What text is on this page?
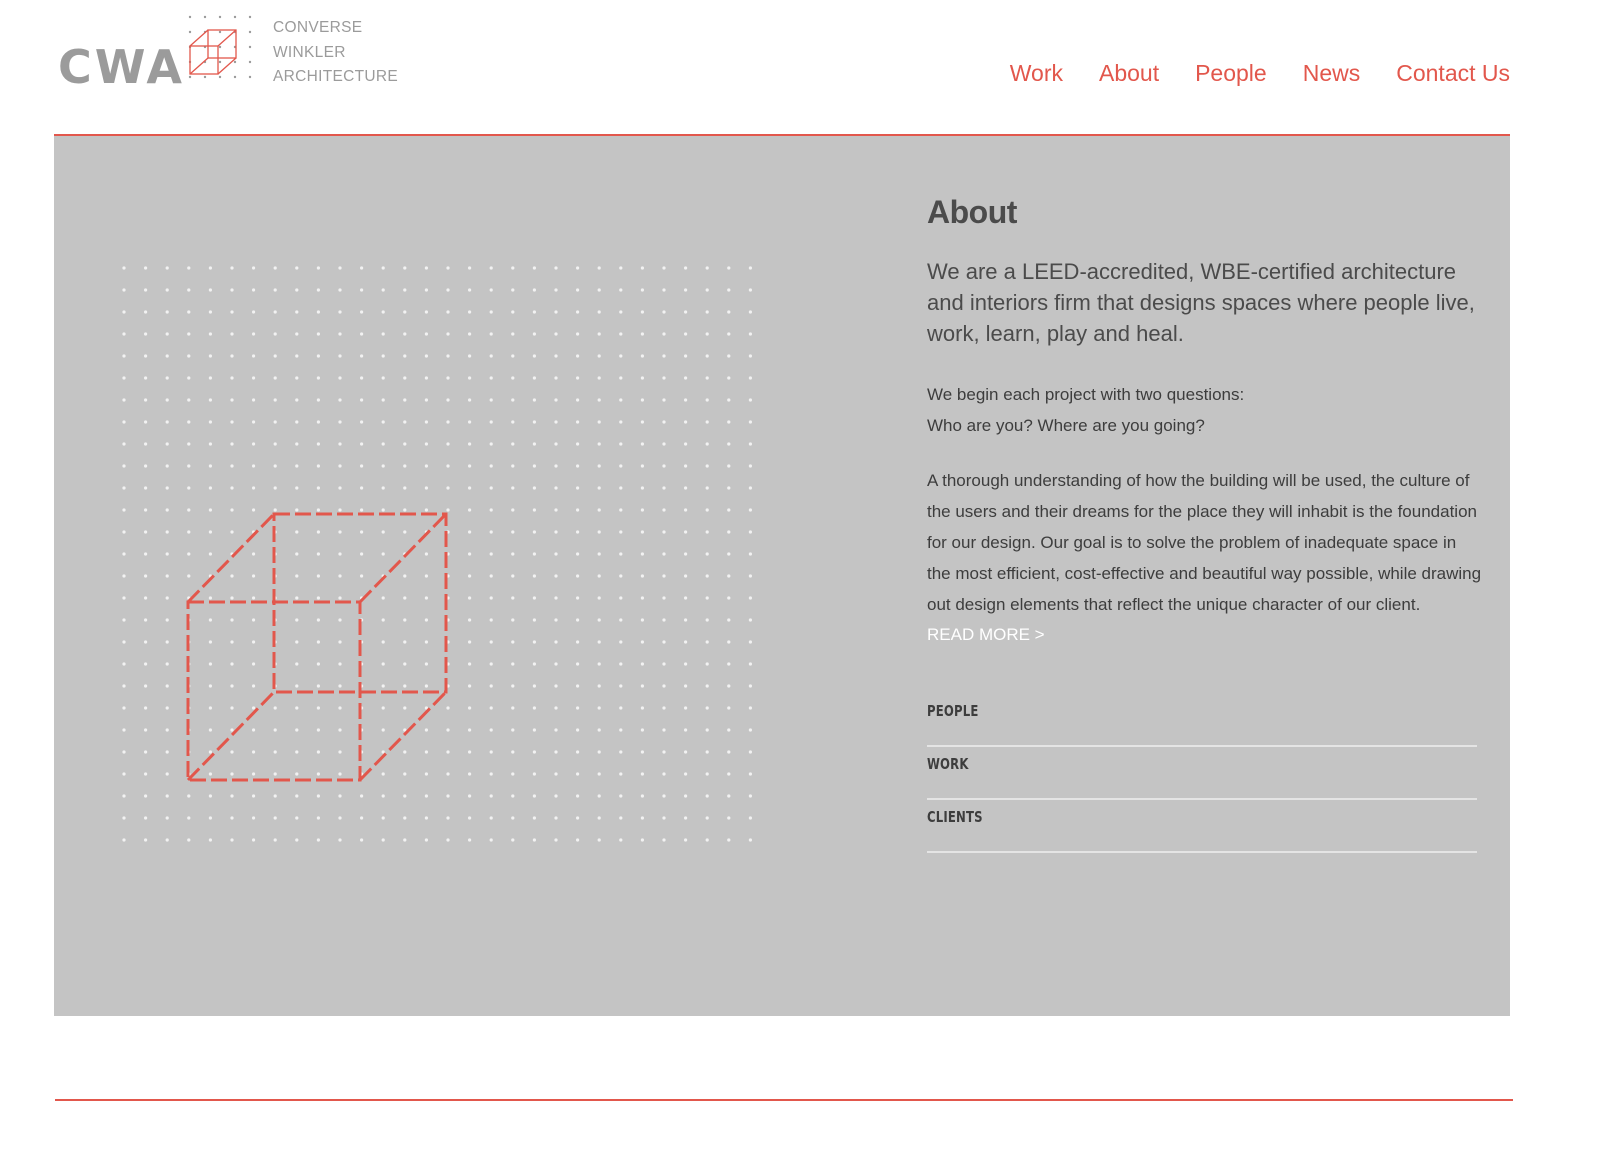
CWA
CONVERSE
WINKLER
ARCHITECTURE	Work About People News Contact Us
About

We are a LEED-accredited, WBE-certified architecture and interiors firm that designs spaces where people live, work, learn, play and heal.

We begin each project with two questions:
Who are you? Where are you going?

A thorough understanding of how the building will be used, the culture of the users and their dreams for the place they will inhabit is the foundation for our design. Our goal is to solve the problem of inadequate space in the most efficient, cost-effective and beautiful way possible, while drawing out design elements that reflect the unique character of our client.

READ MORE >
PEOPLE
WORK
CLIENTS
